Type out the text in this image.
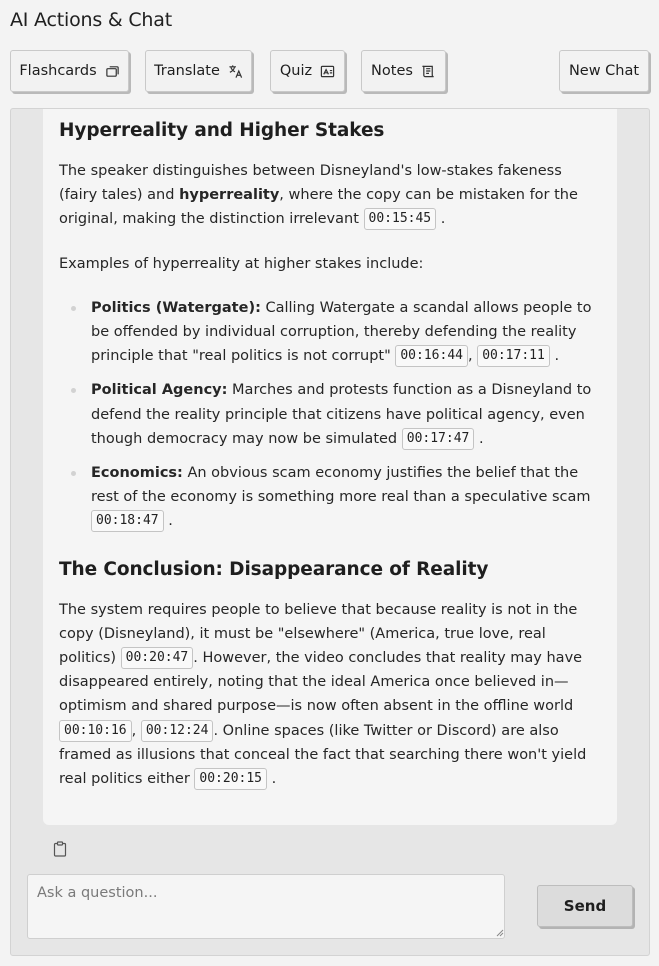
AI Actions & Chat
Flashcards	Translate	Quiz	Notes	New Chat
Hyperreality and Higher Stakes

The speaker distinguishes between Disneyland's low-stakes fakeness (fairy tales) and hyperreality, where the copy can be mistaken for the original, making the distinction irrelevant 00:15:45 .

Examples of hyperreality at higher stakes include:

Politics (Watergate): Calling Watergate a scandal allows people to be offended by individual corruption, thereby defending the reality principle that "real politics is not corrupt" 00:16:44 , 00:17:11 .
Political Agency: Marches and protests function as a Disneyland to defend the reality principle that citizens have political agency, even though democracy may now be simulated 00:17:47 .
Economics: An obvious scam economy justifies the belief that the rest of the economy is something more real than a speculative scam 00:18:47 .
The Conclusion: Disappearance of Reality

The system requires people to believe that because reality is not in the copy (Disneyland), it must be "elsewhere" (America, true love, real politics) 00:20:47 . However, the video concludes that reality may have disappeared entirely, noting that the ideal America once believed in—optimism and shared purpose—is now often absent in the offline world 00:10:16 , 00:12:24 . Online spaces (like Twitter or Discord) are also framed as illusions that conceal the fact that searching there won't yield real politics either 00:20:15 .

Ask a question...
Send
